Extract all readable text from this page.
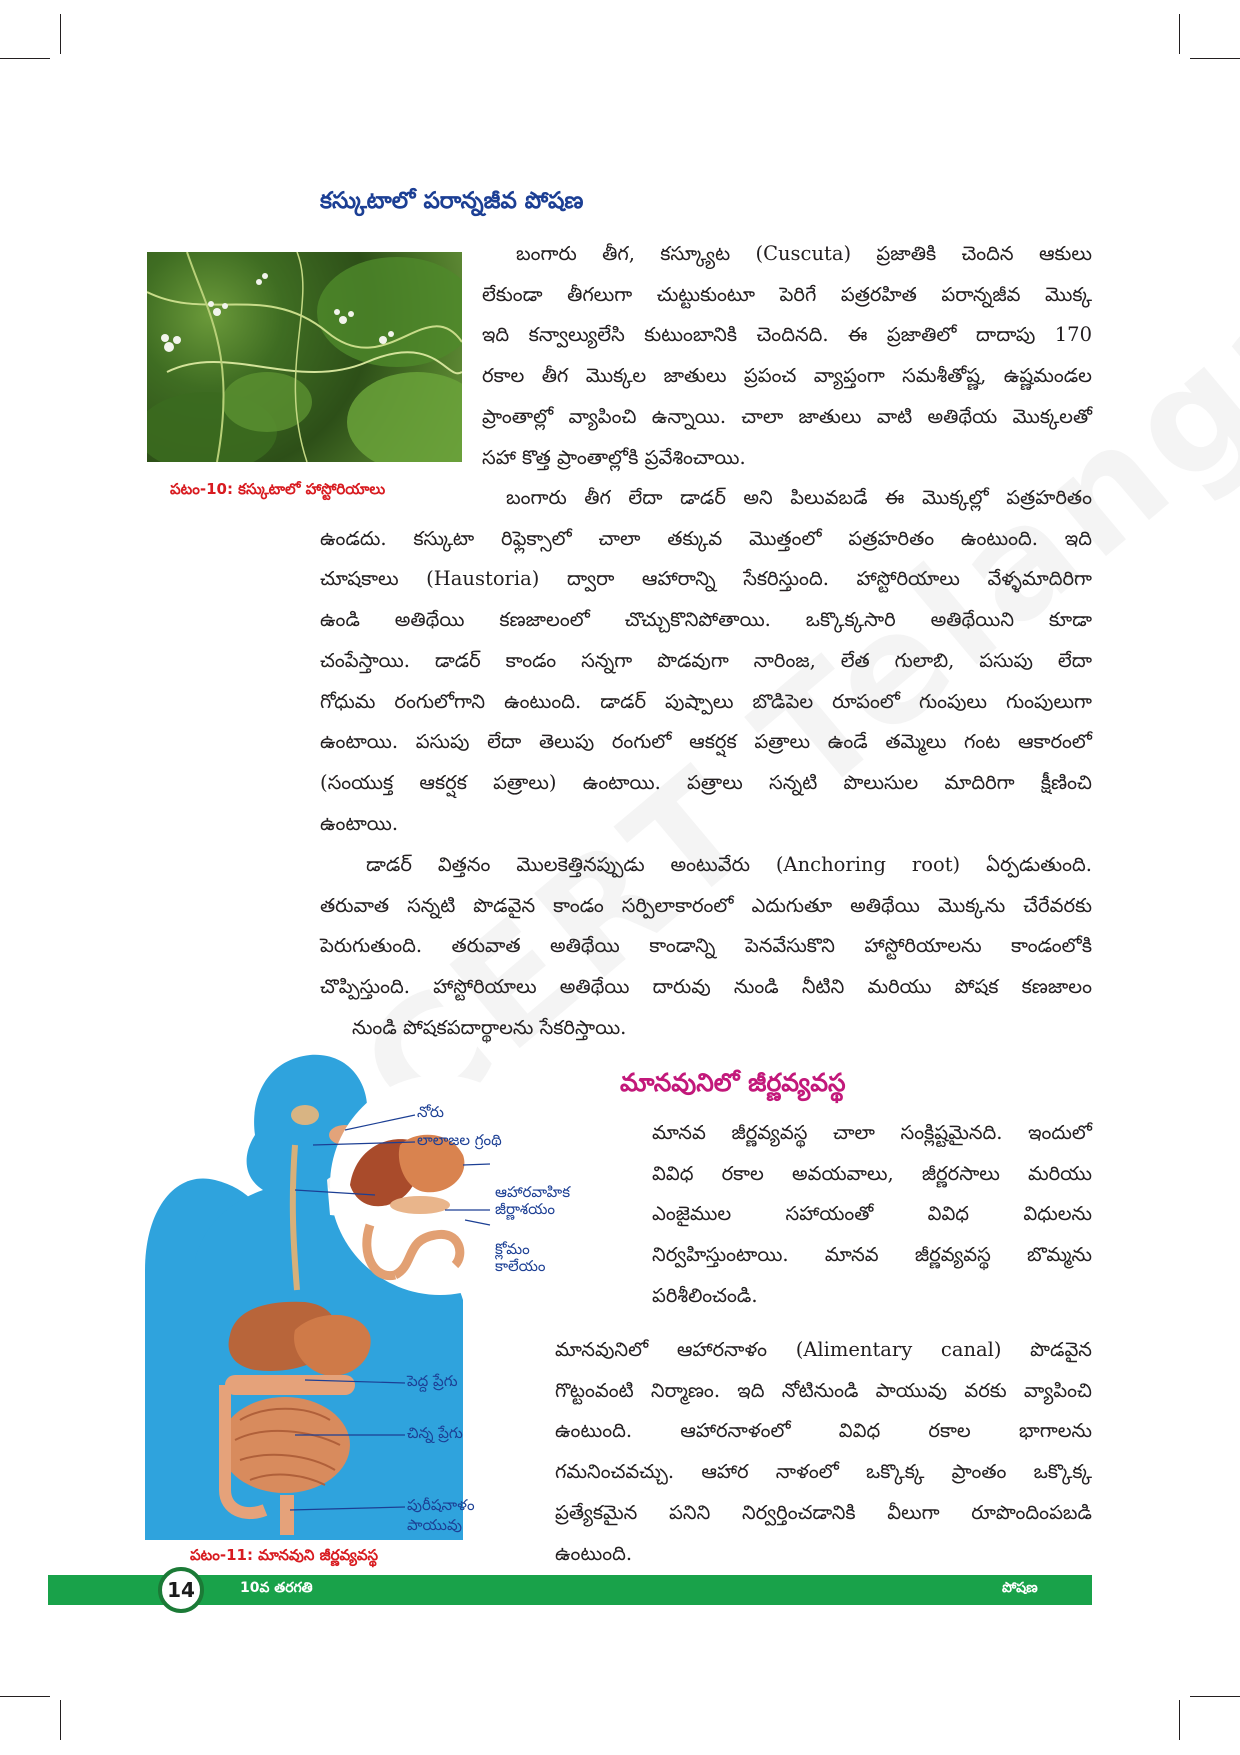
కస్కుటాలో పరాన్నజీవ పోషణ
పటం-10: కస్కుటాలో హాస్టోరియాలు
బంగారు తీగ, కస్క్యూట (Cuscuta) ప్రజాతికి చెందిన ఆకులు
లేకుండా తీగలుగా చుట్టుకుంటూ పెరిగే పత్రరహిత పరాన్నజీవ మొక్క
ఇది కన్వాల్యులేసి కుటుంబానికి చెందినది. ఈ ప్రజాతిలో దాదాపు 170
రకాల తీగ మొక్కల జాతులు ప్రపంచ వ్యాప్తంగా సమశీతోష్ణ, ఉష్ణమండల
ప్రాంతాల్లో వ్యాపించి ఉన్నాయి. చాలా జాతులు వాటి అతిథేయ మొక్కలతో
సహా కొత్త ప్రాంతాల్లోకి ప్రవేశించాయి.
బంగారు తీగ లేదా డాడర్ అని పిలువబడే ఈ మొక్కల్లో పత్రహరితం
ఉండదు. కస్కుటా రిఫ్లెక్సాలో చాలా తక్కువ మొత్తంలో పత్రహరితం ఉంటుంది. ఇది
చూషకాలు (Haustoria) ద్వారా ఆహారాన్ని సేకరిస్తుంది. హాస్టోరియాలు వేళ్ళమాదిరిగా
ఉండి అతిథేయి కణజాలంలో చొచ్చుకొనిపోతాయి. ఒక్కొక్కసారి అతిథేయిని కూడా
చంపేస్తాయి. డాడర్ కాండం సన్నగా పొడవుగా నారింజ, లేత గులాబి, పసుపు లేదా
గోధుమ రంగులోగాని ఉంటుంది. డాడర్ పుష్పాలు బొడిపెల రూపంలో గుంపులు గుంపులుగా
ఉంటాయి. పసుపు లేదా తెలుపు రంగులో ఆకర్షక పత్రాలు ఉండే తమ్మెలు గంట ఆకారంలో
(సంయుక్త ఆకర్షక పత్రాలు) ఉంటాయి. పత్రాలు సన్నటి పొలుసుల మాదిరిగా క్షీణించి
ఉంటాయి.
డాడర్ విత్తనం మొలకెత్తినప్పుడు అంటువేరు (Anchoring root) ఏర్పడుతుంది.
తరువాత సన్నటి పొడవైన కాండం సర్పిలాకారంలో ఎదుగుతూ అతిథేయి మొక్కను చేరేవరకు
పెరుగుతుంది. తరువాత అతిథేయి కాండాన్ని పెనవేసుకొని హాస్టోరియాలను కాండంలోకి
చొప్పిస్తుంది. హాస్టోరియాలు అతిథేయి దారువు నుండి నీటిని మరియు పోషక కణజాలం
నుండి పోషకపదార్థాలను సేకరిస్తాయి.
మానవునిలో జీర్ణవ్యవస్థ
మానవ జీర్ణవ్యవస్థ చాలా సంక్లిష్టమైనది. ఇందులో
వివిధ రకాల అవయవాలు, జీర్ణరసాలు మరియు
ఎంజైముల సహాయంతో వివిధ విధులను
నిర్వహిస్తుంటాయి. మానవ జీర్ణవ్యవస్థ బొమ్మను
పరిశీలించండి.
మానవునిలో ఆహారనాళం (Alimentary canal) పొడవైన
గొట్టంవంటి నిర్మాణం. ఇది నోటినుండి పాయువు వరకు వ్యాపించి
ఉంటుంది. ఆహారనాళంలో వివిధ రకాల భాగాలను
గమనించవచ్చు. ఆహార నాళంలో ఒక్కొక్క ప్రాంతం ఒక్కొక్క
ప్రత్యేకమైన పనిని నిర్వర్తించడానికి వీలుగా రూపొందింపబడి
ఉంటుంది.
నోరు
లాలాజల గ్రంథి
ఆహారవాహిక
జీర్ణాశయం
క్లోమం
కాలేయం
పెద్ద ప్రేగు
చిన్న ప్రేగు
పురీషనాళం
పాయువు
పటం-11: మానవుని జీర్ణవ్యవస్థ
14	10వ తరగతి	పోషణ
